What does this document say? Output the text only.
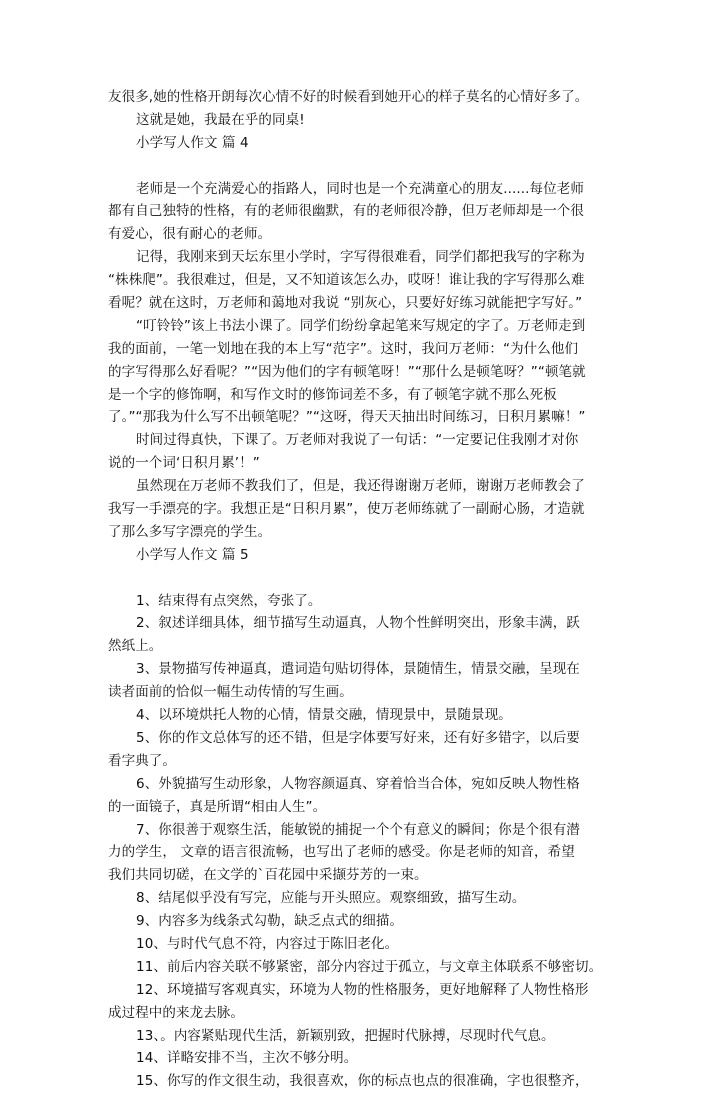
友很多,她的性格开朗每次心情不好的时候看到她开心的样子莫名的心情好多了。
这就是她，我最在乎的同桌!
小学写人作文 篇 4
老师是一个充满爱心的指路人，同时也是一个充满童心的朋友......每位老师
都有自己独特的性格，有的老师很幽默，有的老师很冷静，但万老师却是一个很
有爱心，很有耐心的老师。
记得，我刚来到天坛东里小学时，字写得很难看，同学们都把我写的字称为
“株株爬”。我很难过，但是，又不知道该怎么办，哎呀！谁让我的字写得那么难
看呢？就在这时，万老师和蔼地对我说 “别灰心，只要好好练习就能把字写好。”
“叮铃铃”该上书法小课了。同学们纷纷拿起笔来写规定的字了。万老师走到
我的面前，一笔一划地在我的本上写“范字”。这时，我问万老师：“为什么他们
的字写得那么好看呢？”“因为他们的字有顿笔呀！”“那什么是顿笔呀？”“顿笔就
是一个字的修饰啊，和写作文时的修饰词差不多，有了顿笔字就不那么死板
了。”“那我为什么写不出顿笔呢？”“这呀，得天天抽出时间练习，日积月累嘛！”
时间过得真快，下课了。万老师对我说了一句话：“一定要记住我刚才对你
说的一个词‘日积月累’！”
虽然现在万老师不教我们了，但是，我还得谢谢万老师，谢谢万老师教会了
我写一手漂亮的字。我想正是“日积月累”，使万老师练就了一副耐心肠，才造就
了那么多写字漂亮的学生。
小学写人作文 篇 5
1、结束得有点突然，夸张了。
2、叙述详细具体，细节描写生动逼真，人物个性鲜明突出，形象丰满，跃
然纸上。
3、景物描写传神逼真，遣词造句贴切得体，景随情生，情景交融，呈现在
读者面前的恰似一幅生动传情的写生画。
4、以环境烘托人物的心情，情景交融，情现景中，景随景现。
5、你的作文总体写的还不错，但是字体要写好来，还有好多错字，以后要
看字典了。
6、外貌描写生动形象，人物容颜逼真、穿着恰当合体，宛如反映人物性格
的一面镜子，真是所谓“相由人生”。
7、你很善于观察生活，能敏锐的捕捉一个个有意义的瞬间；你是个很有潜
力的学生， 文章的语言很流畅，也写出了老师的感受。你是老师的知音，希望
我们共同切磋，在文学的`百花园中采撷芬芳的一束。
8、结尾似乎没有写完，应能与开头照应。观察细致，描写生动。
9、内容多为线条式勾勒，缺乏点式的细描。
10、与时代气息不符，内容过于陈旧老化。
11、前后内容关联不够紧密，部分内容过于孤立，与文章主体联系不够密切。
12、环境描写客观真实，环境为人物的性格服务，更好地解释了人物性格形
成过程中的来龙去脉。
13、。内容紧贴现代生活，新颖别致，把握时代脉搏，尽现时代气息。
14、详略安排不当，主次不够分明。
15、你写的作文很生动，我很喜欢，你的标点也点的很准确，字也很整齐，
